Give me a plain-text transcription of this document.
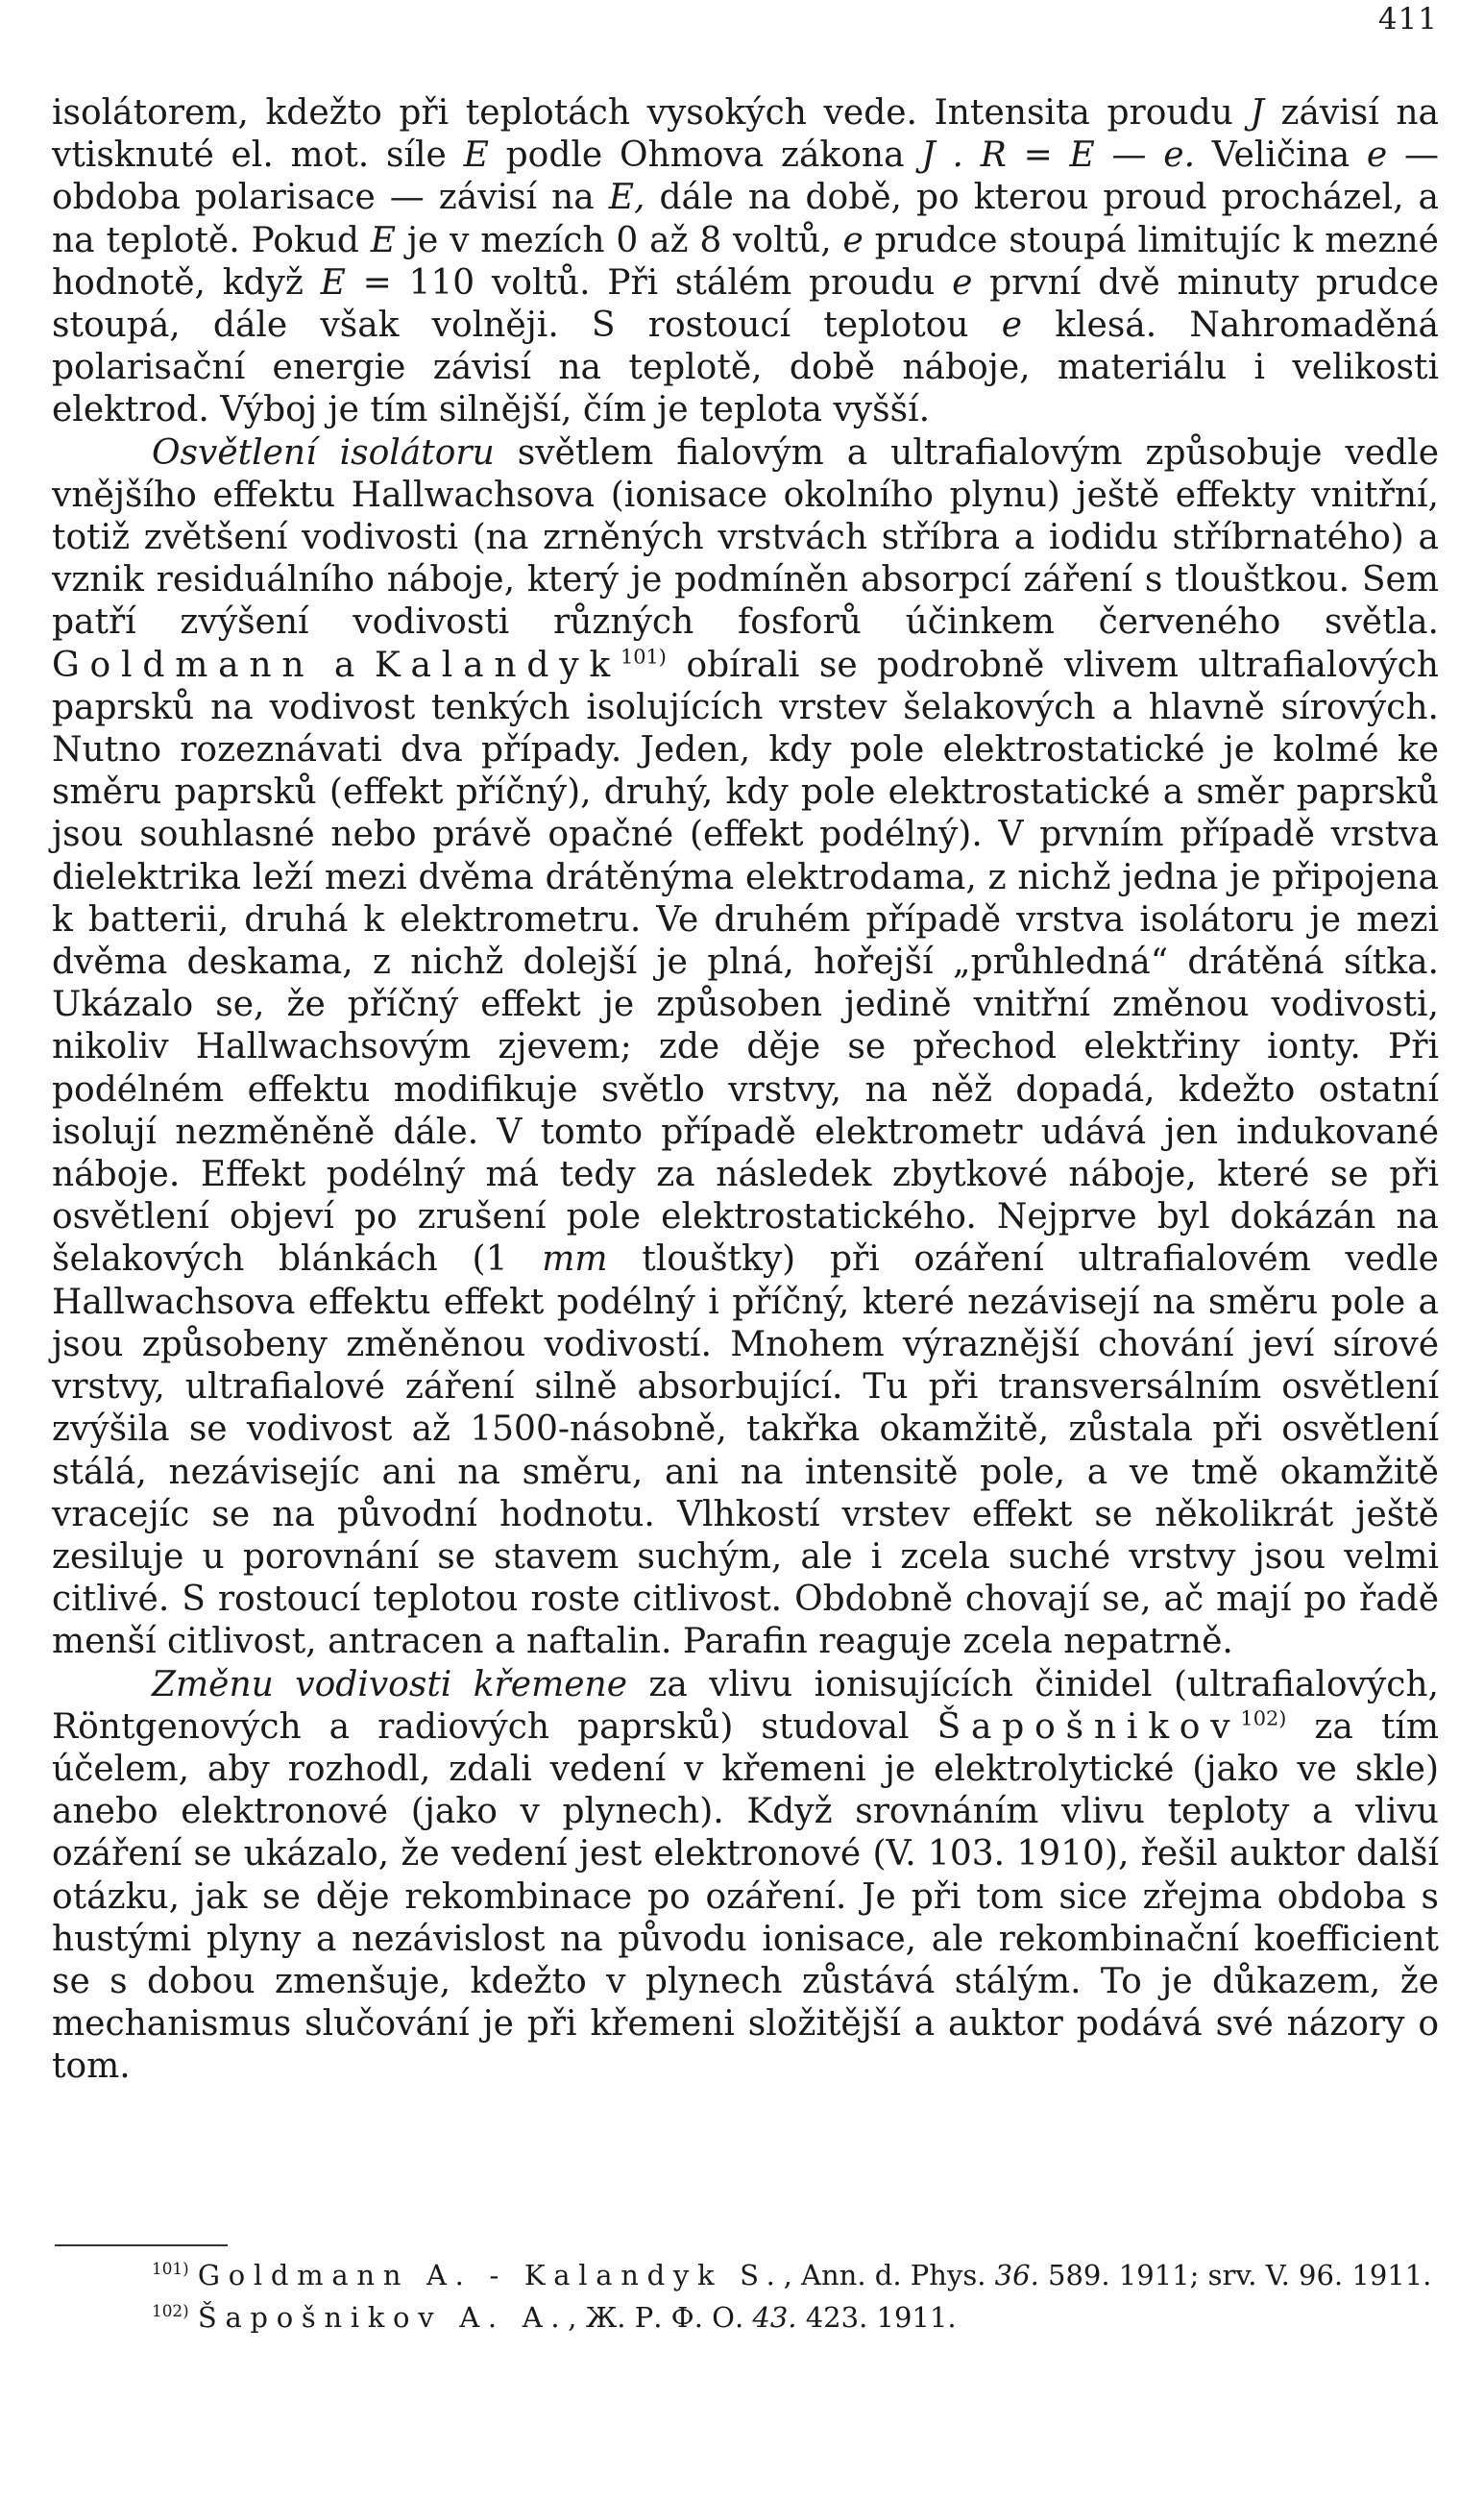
411

isolátorem, kdežto při teplotách vysokých vede. Intensita proudu J závisí na vtisknuté el. mot. síle E podle Ohmova zákona J . R = E — e. Veličina e — obdoba polarisace — závisí na E, dále na době, po kterou proud procházel, a na teplotě. Pokud E je v mezích 0 až 8 voltů, e prudce stoupá limitujíc k mezné hodnotě, když E = 110 voltů. Při stálém proudu e první dvě minuty prudce stoupá, dále však volněji. S rostoucí teplotou e klesá. Nahromaděná polarisační energie závisí na teplotě, době náboje, materiálu i velikosti elektrod. Výboj je tím silnější, čím je teplota vyšší.

Osvětlení isolátoru světlem fialovým a ultrafialovým způsobuje vedle vnějšího effektu Hallwachsova (ionisace okolního plynu) ještě effekty vnitřní, totiž zvětšení vodivosti (na zrněných vrstvách stříbra a iodidu stříbrnatého) a vznik residuálního náboje, který je podmíněn absorpcí záření s tlouštkou. Sem patří zvýšení vodivosti různých fosforů účinkem červeného světla. Goldmann a Kalandyk$^{101)}$ obírali se podrobně vlivem ultrafialových paprsků na vodivost tenkých isolujících vrstev šelakových a hlavně sírových. Nutno rozeznávati dva případy. Jeden, kdy pole elektrostatické je kolmé ke směru paprsků (effekt příčný), druhý, kdy pole elektrostatické a směr paprsků jsou souhlasné nebo právě opačné (effekt podélný). V prvním případě vrstva dielektrika leží mezi dvěma drátěnýma elektrodama, z nichž jedna je připojena k batterii, druhá k elektrometru. Ve druhém případě vrstva isolátoru je mezi dvěma deskama, z nichž dolejší je plná, hořejší „průhledná“ drátěná sítka. Ukázalo se, že příčný effekt je způsoben jedině vnitřní změnou vodivosti, nikoliv Hallwachsovým zjevem; zde děje se přechod elektřiny ionty. Při podélném effektu modifikuje světlo vrstvy, na něž dopadá, kdežto ostatní isolují nezměněně dále. V tomto případě elektrometr udává jen indukované náboje. Effekt podélný má tedy za následek zbytkové náboje, které se při osvětlení objeví po zrušení pole elektrostatického. Nejprve byl dokázán na šelakových blánkách (1 mm tlouštky) při ozáření ultrafialovém vedle Hallwachsova effektu effekt podélný i příčný, které nezávisejí na směru pole a jsou způsobeny změněnou vodivostí. Mnohem výraznější chování jeví sírové vrstvy, ultrafialové záření silně absorbující. Tu při transversálním osvětlení zvýšila se vodivost až 1500-násobně, takřka okamžitě, zůstala při osvětlení stálá, nezávisejíc ani na směru, ani na intensitě pole, a ve tmě okamžitě vracejíc se na původní hodnotu. Vlhkostí vrstev effekt se několikrát ještě zesiluje u porovnání se stavem suchým, ale i zcela suché vrstvy jsou velmi citlivé. S rostoucí teplotou roste citlivost. Obdobně chovají se, ač mají po řadě menší citlivost, antracen a naftalin. Parafin reaguje zcela nepatrně.

Změnu vodivosti křemene za vlivu ionisujících činidel (ultrafialových, Röntgenových a radiových paprsků) studoval Šapošnikov$^{102)}$ za tím účelem, aby rozhodl, zdali vedení v křemeni je elektrolytické (jako ve skle) anebo elektronové (jako v plynech). Když srovnáním vlivu teploty a vlivu ozáření se ukázalo, že vedení jest elektronové (V. 103. 1910), řešil auktor další otázku, jak se děje rekombinace po ozáření. Je při tom sice zřejma obdoba s hustými plyny a nezávislost na původu ionisace, ale rekombinační koefficient se s dobou zmenšuje, kdežto v plynech zůstává stálým. To je důkazem, že mechanismus slučování je při křemeni složitější a auktor podává své názory o tom.

$^{101)}$ Goldmann A. - Kalandyk S., Ann. d. Phys. 36. 589. 1911; srv. V. 96. 1911.

$^{102)}$ Šapošnikov A. A., Ж. Р. Ф. О. 43. 423. 1911.
